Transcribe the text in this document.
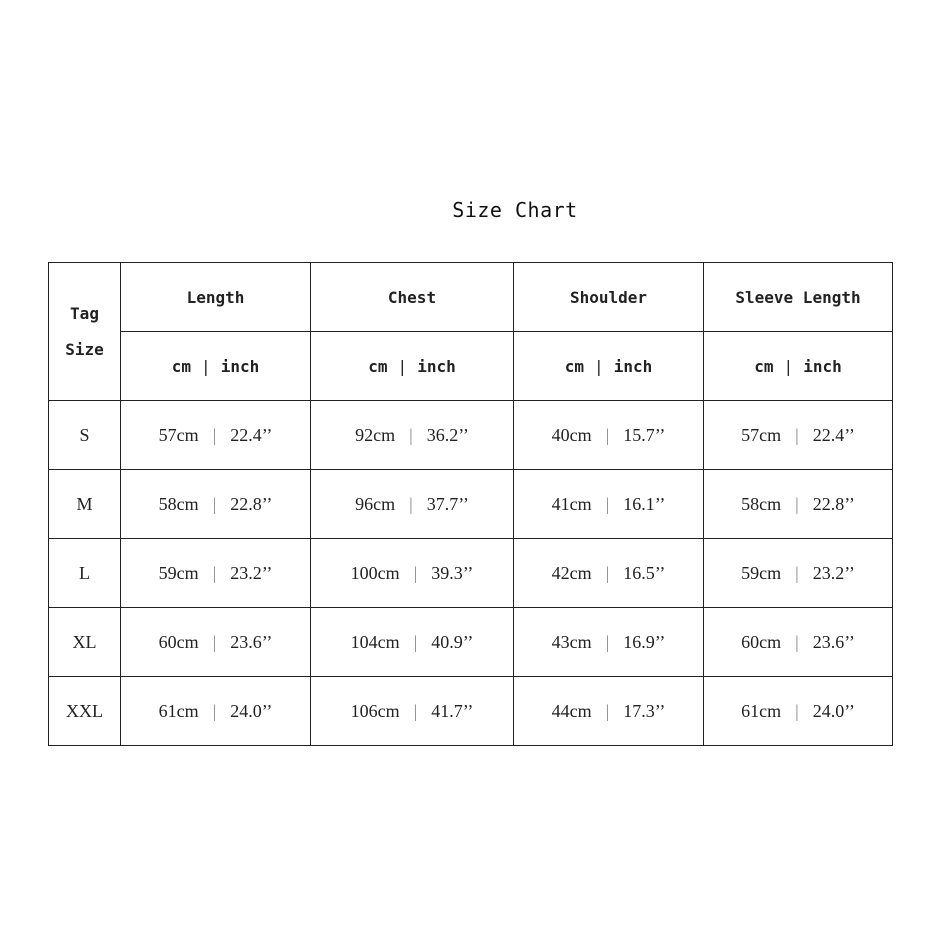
Size Chart
Tag
Size	Length	Chest	Shoulder	Sleeve Length
	cm | inch	cm | inch	cm | inch	cm | inch
S	57cm | 22.4’’	92cm | 36.2’’	40cm | 15.7’’	57cm | 22.4’’
M	58cm | 22.8’’	96cm | 37.7’’	41cm | 16.1’’	58cm | 22.8’’
L	59cm | 23.2’’	100cm | 39.3’’	42cm | 16.5’’	59cm | 23.2’’
XL	60cm | 23.6’’	104cm | 40.9’’	43cm | 16.9’’	60cm | 23.6’’
XXL	61cm | 24.0’’	106cm | 41.7’’	44cm | 17.3’’	61cm | 24.0’’
